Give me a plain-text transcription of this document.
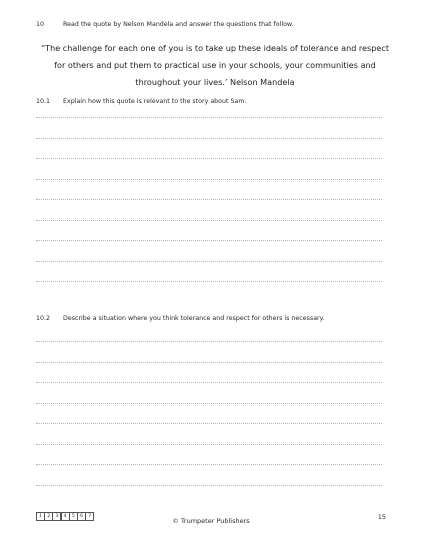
10	Read the quote by Nelson Mandela and answer the questions that follow.
“The challenge for each one of you is to take up these ideals of tolerance and respect
for others and put them to practical use in your schools, your communities and
throughout your lives.’ Nelson Mandela
10.1 Explain how this quote is relevant to the story about Sam.
10.2 Describe a situation where you think tolerance and respect for others is necessary.
1	2	3	4	5	6	7
© Trumpeter Publishers	15
